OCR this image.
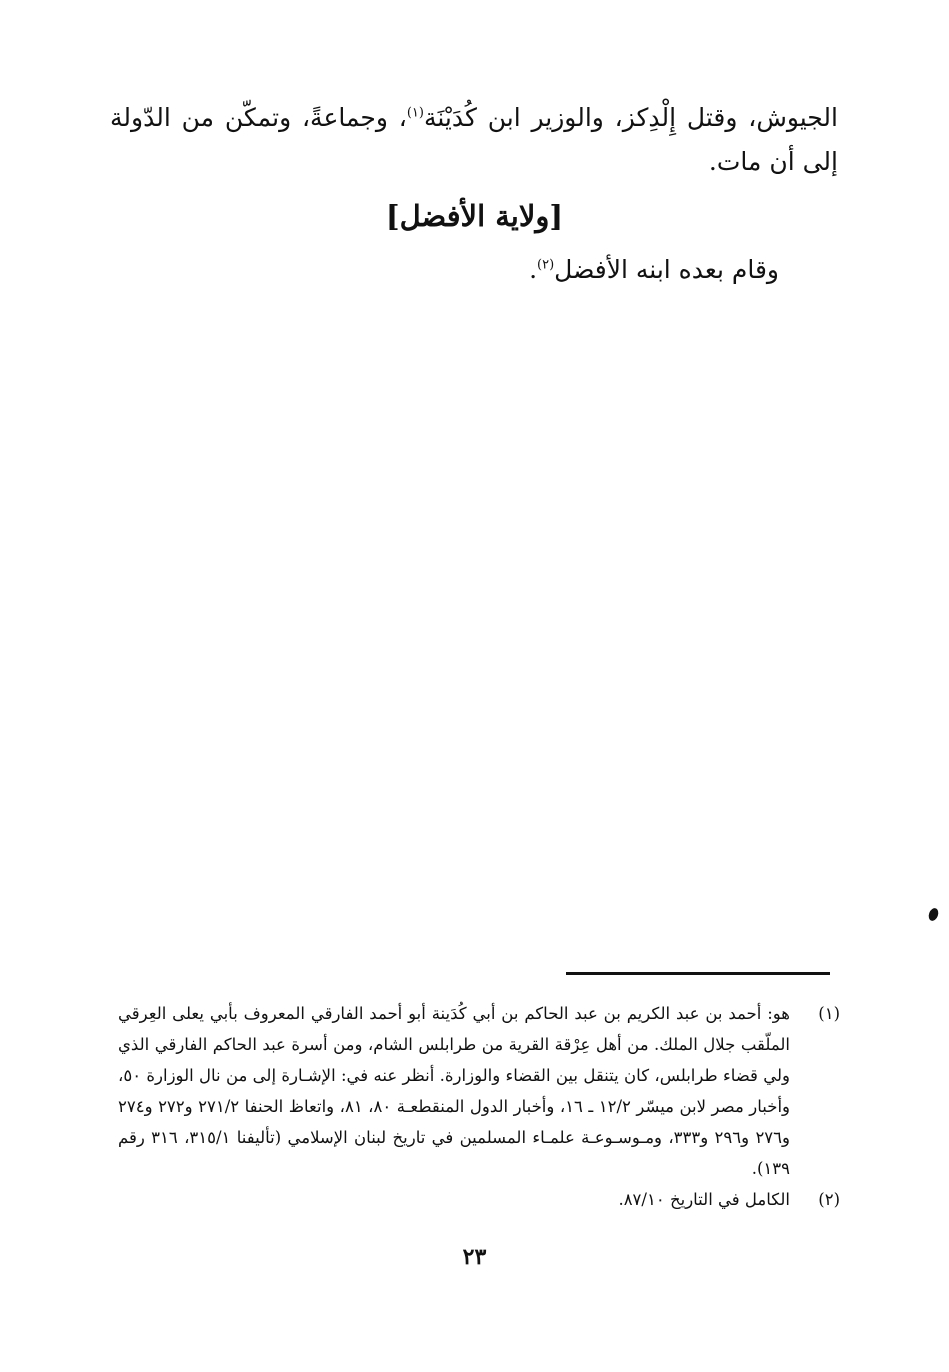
الجيوش، وقتل إِلْدِكز، والوزير ابن كُدَيْنَة$^{(١)}$، وجماعةً، وتمكّن من الدّولة إلى أن مات.
[ولاية الأفضل]
وقام بعده ابنه الأفضل$^{(٢)}$.
(١)
هو: أحمد بن عبد الكريم بن عبد الحاكم بن أبي كُدَينة أبو أحمد الفارقي المعروف بأبي يعلى العِرقي الملّقب جلال الملك. من أهل عِرْقة القرية من طرابلس الشام، ومن أسرة عبد الحاكم الفارقي الذي ولي قضاء طرابلس، كان يتنقل بين القضاء والوزارة. أنظر عنه في: الإشـارة إلى من نال الوزارة ٥٠، وأخبار مصر لابن ميسّر ١٢/٢ ـ ١٦، وأخبار الدول المنقطعـة ٨٠، ٨١، واتعاظ الحنفا ٢٧١/٢ و٢٧٢ و٢٧٤ و٢٧٦ و٢٩٦ و٣٣٣، ومـوسـوعـة علمـاء المسلمين في تاريخ لبنان الإسلامي (تأليفنا ٣١٥/١، ٣١٦ رقم ١٣٩).
(٢)
الكامل في التاريخ ٨٧/١٠.
٢٣
